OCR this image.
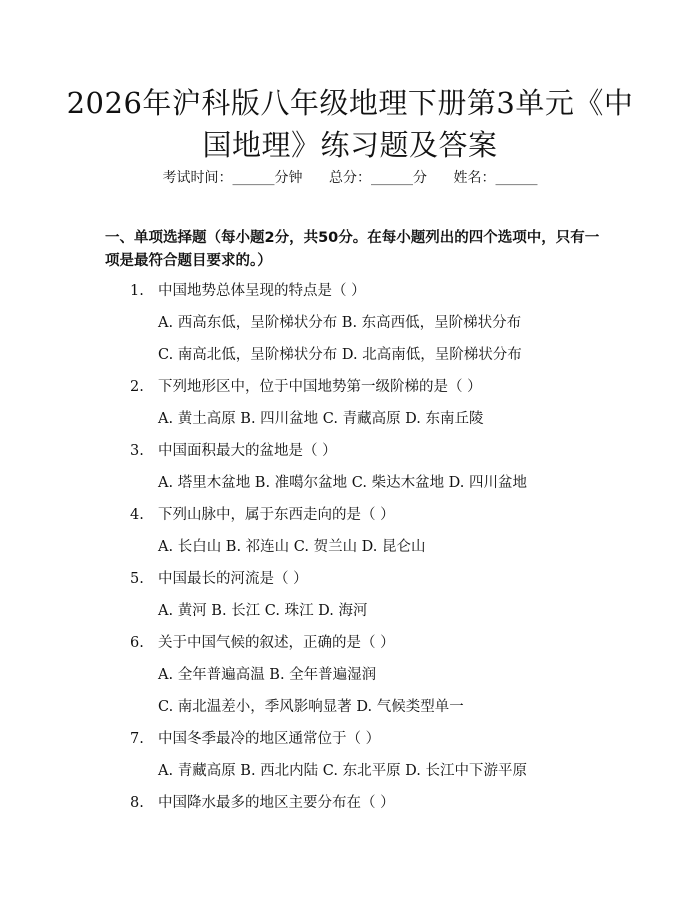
2026年沪科版八年级地理下册第3单元《中国地理》练习题及答案
考试时间：______分钟 总分：______分 姓名：______
一、单项选择题（每小题2分，共50分。在每小题列出的四个选项中，只有一项是最符合题目要求的。）
1. 中国地势总体呈现的特点是（ ）
A. 西高东低，呈阶梯状分布 B. 东高西低，呈阶梯状分布
C. 南高北低，呈阶梯状分布 D. 北高南低，呈阶梯状分布
2. 下列地形区中，位于中国地势第一级阶梯的是（ ）
A. 黄土高原 B. 四川盆地 C. 青藏高原 D. 东南丘陵
3. 中国面积最大的盆地是（ ）
A. 塔里木盆地 B. 准噶尔盆地 C. 柴达木盆地 D. 四川盆地
4. 下列山脉中，属于东西走向的是（ ）
A. 长白山 B. 祁连山 C. 贺兰山 D. 昆仑山
5. 中国最长的河流是（ ）
A. 黄河 B. 长江 C. 珠江 D. 海河
6. 关于中国气候的叙述，正确的是（ ）
A. 全年普遍高温 B. 全年普遍湿润
C. 南北温差小，季风影响显著 D. 气候类型单一
7. 中国冬季最冷的地区通常位于（ ）
A. 青藏高原 B. 西北内陆 C. 东北平原 D. 长江中下游平原
8. 中国降水最多的地区主要分布在（ ）
